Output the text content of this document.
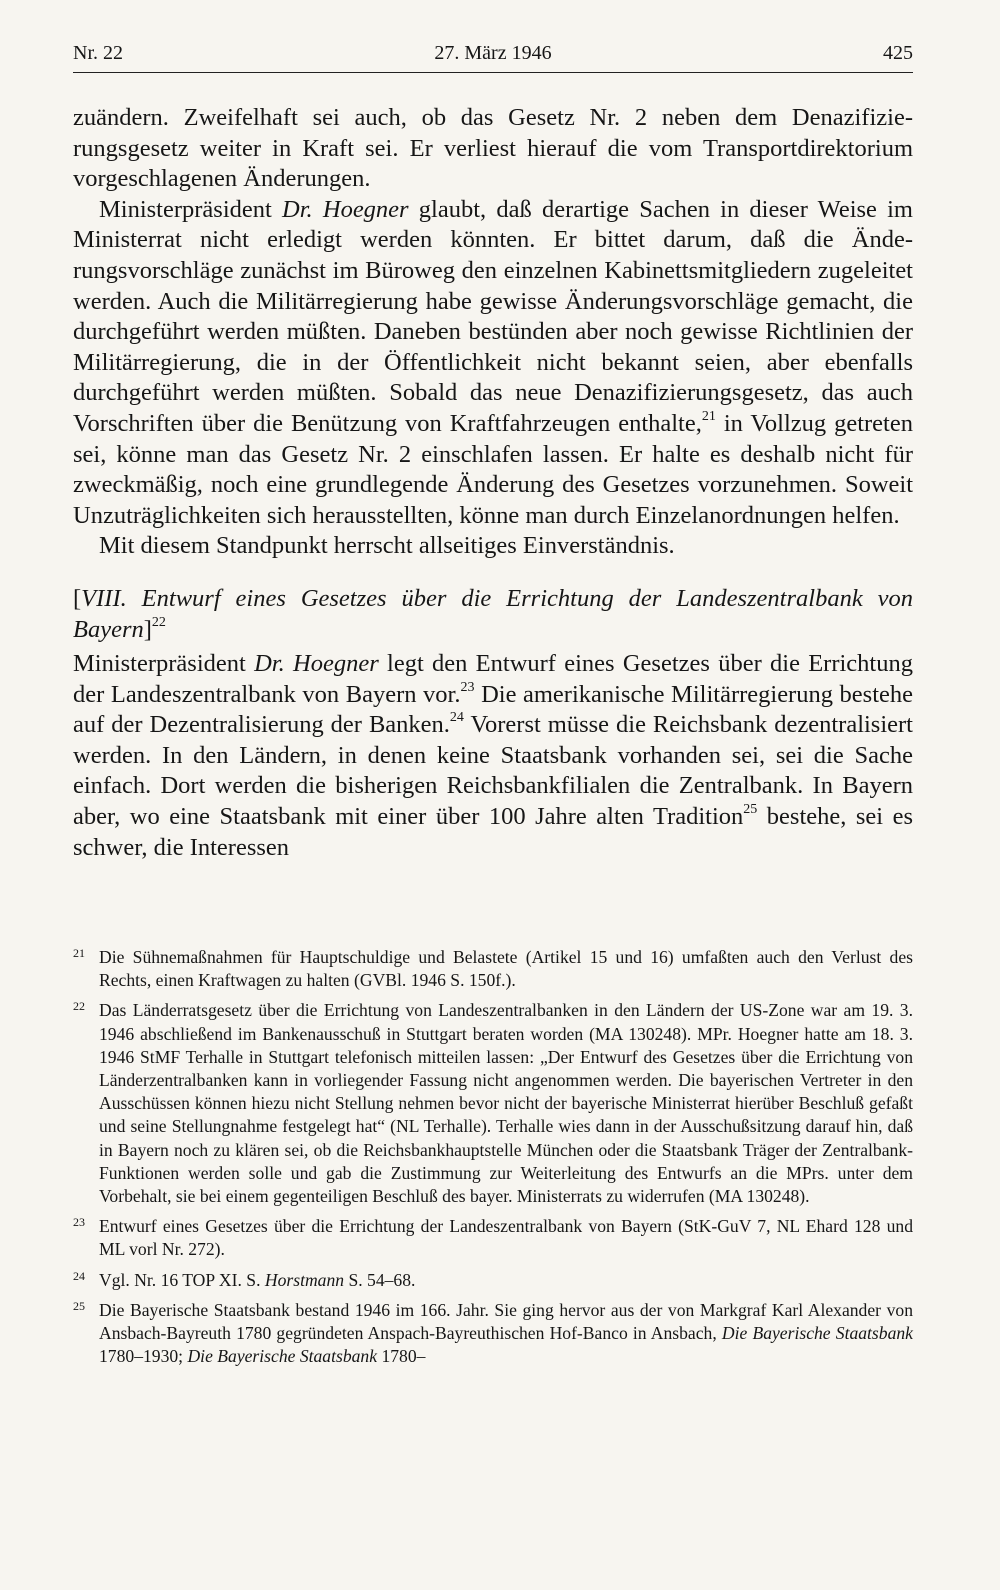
Nr. 22	27. März 1946	425

zuändern. Zweifelhaft sei auch, ob das Gesetz Nr. 2 neben dem Denazifizierungsgesetz weiter in Kraft sei. Er verliest hierauf die vom Transportdirektorium vorgeschlagenen Änderungen.

Ministerpräsident Dr. Hoegner glaubt, daß derartige Sachen in dieser Weise im Ministerrat nicht erledigt werden könnten. Er bittet darum, daß die Änderungsvorschläge zunächst im Büroweg den einzelnen Kabinettsmitgliedern zugeleitet werden. Auch die Militärregierung habe gewisse Änderungsvorschläge gemacht, die durchgeführt werden müßten. Daneben bestünden aber noch gewisse Richtlinien der Militärregierung, die in der Öffentlichkeit nicht bekannt seien, aber ebenfalls durchgeführt werden müßten. Sobald das neue Denazifizierungsgesetz, das auch Vorschriften über die Benützung von Kraftfahrzeugen enthalte,$^{21}$ in Vollzug getreten sei, könne man das Gesetz Nr. 2 einschlafen lassen. Er halte es deshalb nicht für zweckmäßig, noch eine grundlegende Änderung des Gesetzes vorzunehmen. Soweit Unzuträglichkeiten sich herausstellten, könne man durch Einzelanordnungen helfen.

Mit diesem Standpunkt herrscht allseitiges Einverständnis.

[VIII. Entwurf eines Gesetzes über die Errichtung der Landeszentralbank von Bayern]$^{22}$

Ministerpräsident Dr. Hoegner legt den Entwurf eines Gesetzes über die Errichtung der Landeszentralbank von Bayern vor.$^{23}$ Die amerikanische Militärregierung bestehe auf der Dezentralisierung der Banken.$^{24}$ Vorerst müsse die Reichsbank dezentralisiert werden. In den Ländern, in denen keine Staatsbank vorhanden sei, sei die Sache einfach. Dort werden die bisherigen Reichsbankfilialen die Zentralbank. In Bayern aber, wo eine Staatsbank mit einer über 100 Jahre alten Tradition$^{25}$ bestehe, sei es schwer, die Interessen

21 Die Sühnemaßnahmen für Hauptschuldige und Belastete (Artikel 15 und 16) umfaßten auch den Verlust des Rechts, einen Kraftwagen zu halten (GVBl. 1946 S. 150f.).

22 Das Länderratsgesetz über die Errichtung von Landeszentralbanken in den Ländern der US-Zone war am 19. 3. 1946 abschließend im Bankenausschuß in Stuttgart beraten worden (MA 130248). MPr. Hoegner hatte am 18. 3. 1946 StMF Terhalle in Stuttgart telefonisch mitteilen lassen: „Der Entwurf des Gesetzes über die Errichtung von Länderzentralbanken kann in vorliegender Fassung nicht angenommen werden. Die bayerischen Vertreter in den Ausschüssen können hiezu nicht Stellung nehmen bevor nicht der bayerische Ministerrat hierüber Beschluß gefaßt und seine Stellungnahme festgelegt hat“ (NL Terhalle). Terhalle wies dann in der Ausschußsitzung darauf hin, daß in Bayern noch zu klären sei, ob die Reichsbankhauptstelle München oder die Staatsbank Träger der Zentralbank-Funktionen werden solle und gab die Zustimmung zur Weiterleitung des Entwurfs an die MPrs. unter dem Vorbehalt, sie bei einem gegenteiligen Beschluß des bayer. Ministerrats zu widerrufen (MA 130248).

23 Entwurf eines Gesetzes über die Errichtung der Landeszentralbank von Bayern (StK-GuV 7, NL Ehard 128 und ML vorl Nr. 272).

24 Vgl. Nr. 16 TOP XI. S. Horstmann S. 54–68.

25 Die Bayerische Staatsbank bestand 1946 im 166. Jahr. Sie ging hervor aus der von Markgraf Karl Alexander von Ansbach-Bayreuth 1780 gegründeten Anspach-Bayreuthischen Hof-Banco in Ansbach, Die Bayerische Staatsbank 1780–1930; Die Bayerische Staatsbank 1780–
